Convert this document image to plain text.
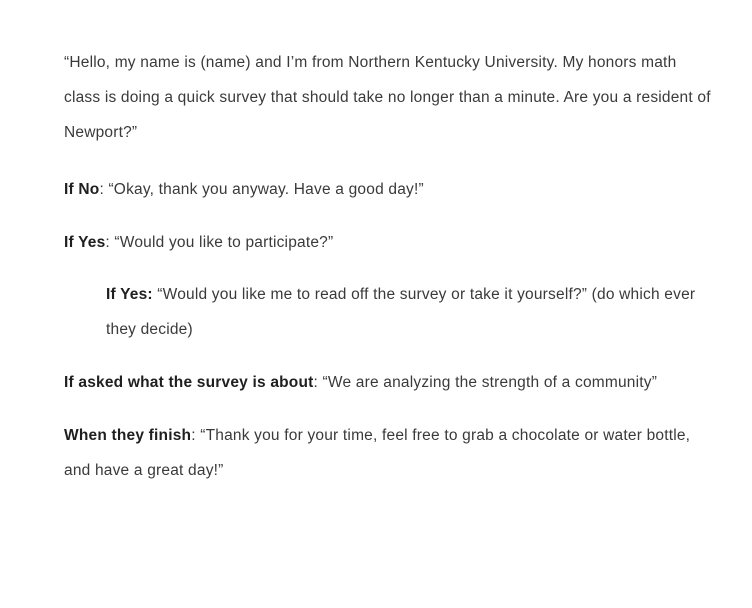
“Hello, my name is (name) and I’m from Northern Kentucky University. My honors math class is doing a quick survey that should take no longer than a minute. Are you a resident of Newport?”

If No: “Okay, thank you anyway. Have a good day!”

If Yes: “Would you like to participate?”

If Yes: “Would you like me to read off the survey or take it yourself?” (do which ever they decide)

If asked what the survey is about: “We are analyzing the strength of a community”

When they finish: “Thank you for your time, feel free to grab a chocolate or water bottle, and have a great day!”
